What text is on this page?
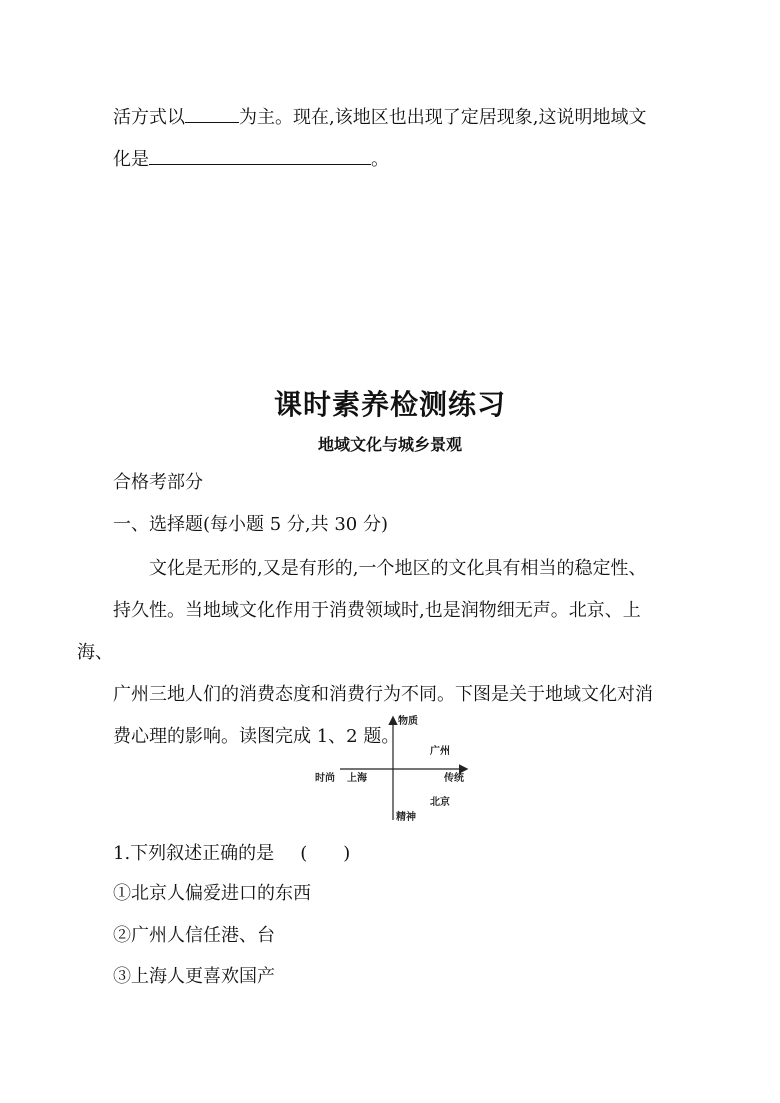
活方式以	为主。现在,该地区也出现了定居现象,这说明地域文
化是	。
课时素养检测练习
地域文化与城乡景观
合格考部分
一、选择题(每小题 5 分,共 30 分)
文化是无形的,又是有形的,一个地区的文化具有相当的稳定性、
持久性。当地域文化作用于消费领域时,也是润物细无声。北京、上海、
广州三地人们的消费态度和消费行为不同。下图是关于地域文化对消
费心理的影响。读图完成 1、2 题。
物质
精神
时尚	传统
广州
上海
北京
1.下列叙述正确的是 (　　)
①北京人偏爱进口的东西
②广州人信任港、台
③上海人更喜欢国产
